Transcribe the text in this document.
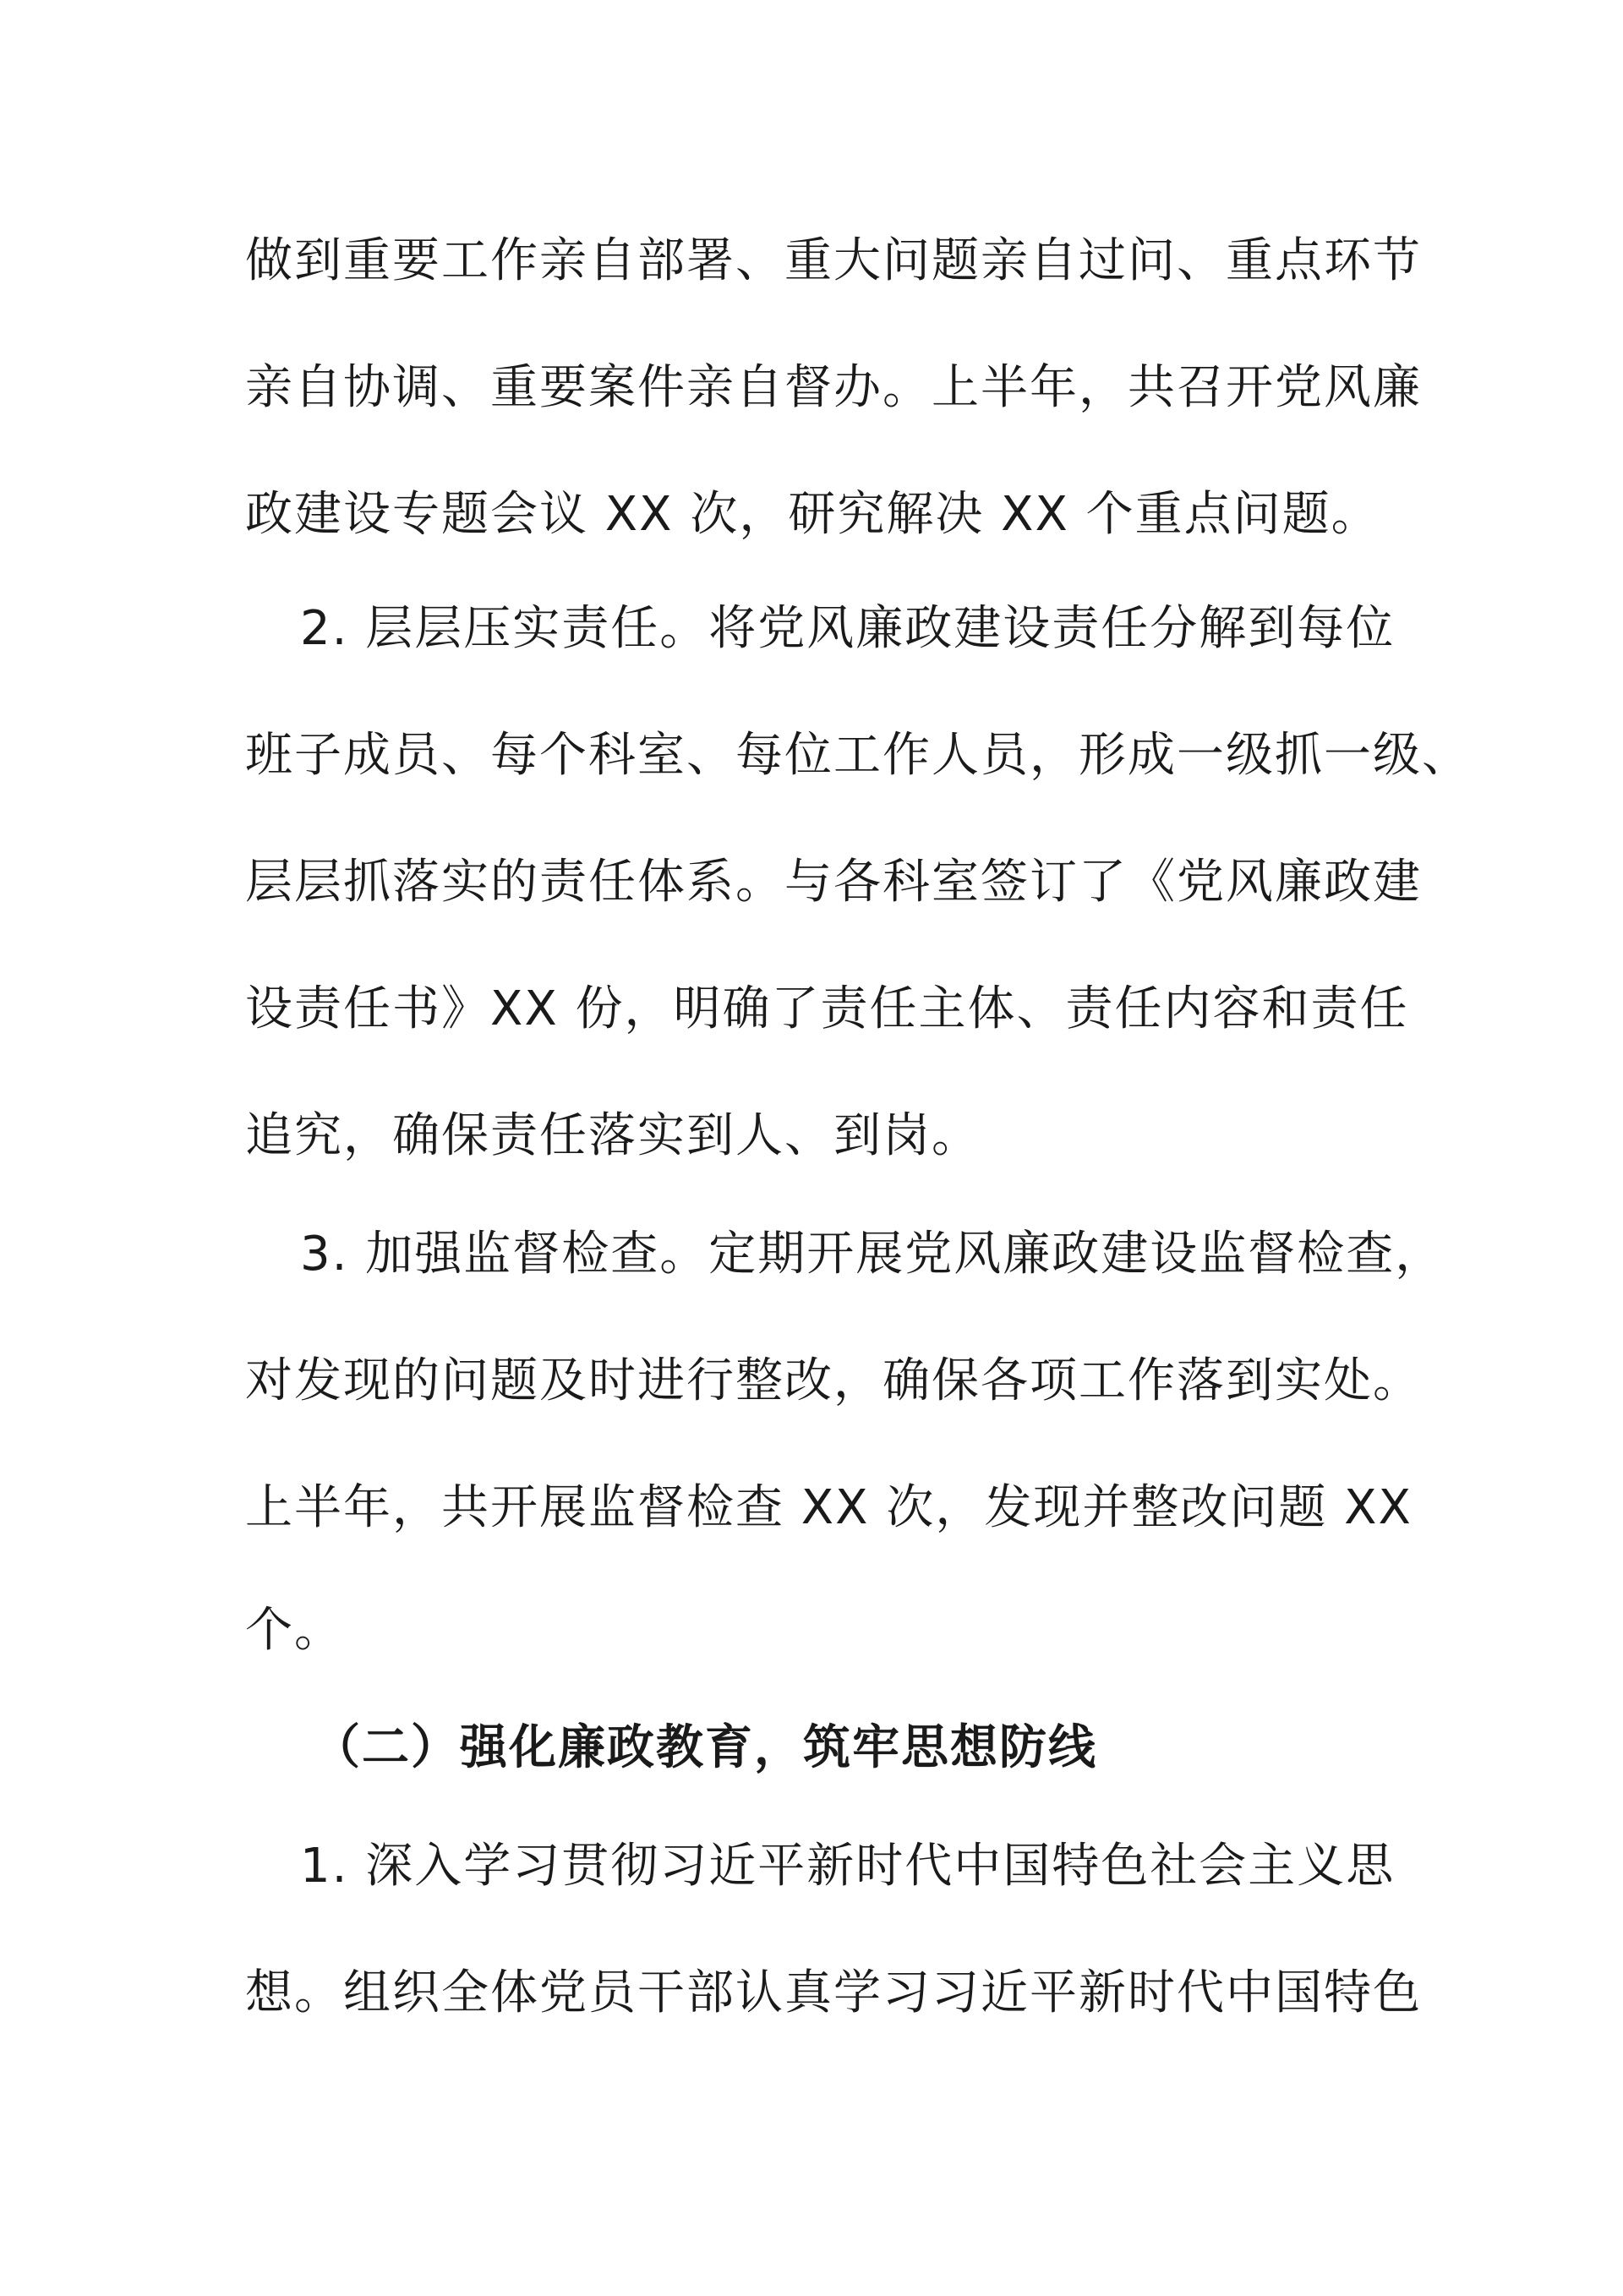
做到重要工作亲自部署、重大问题亲自过问、重点环节
亲自协调、重要案件亲自督办。上半年，共召开党风廉
政建设专题会议 XX 次，研究解决 XX 个重点问题。
2. 层层压实责任。将党风廉政建设责任分解到每位
班子成员、每个科室、每位工作人员，形成一级抓一级、
层层抓落实的责任体系。与各科室签订了《党风廉政建
设责任书》XX 份，明确了责任主体、责任内容和责任
追究，确保责任落实到人、到岗。
3. 加强监督检查。定期开展党风廉政建设监督检查，
对发现的问题及时进行整改，确保各项工作落到实处。
上半年，共开展监督检查 XX 次，发现并整改问题 XX
个。
（二）强化廉政教育，筑牢思想防线
1. 深入学习贯彻习近平新时代中国特色社会主义思
想。组织全体党员干部认真学习习近平新时代中国特色
